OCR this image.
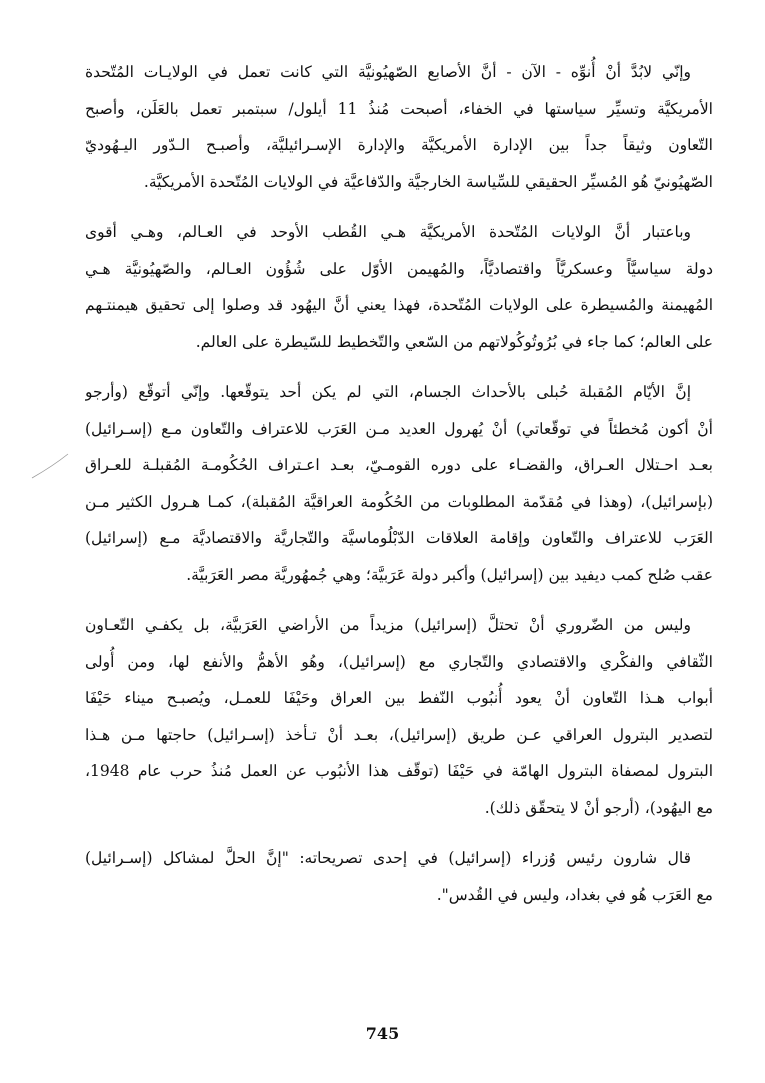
وإنّي لابُدَّ أنْ أُنوِّه - الآن - أنَّ الأصابع الصّهيُونيَّة التي كانت تعمل في الولايـات المُتّحدة
الأمريكيَّة وتسيِّر سياستها في الخفاء، أصبحت مُنذُ 11 أيلول/ سبتمبر تعمل بالعَلَن، وأصبح
التّعاون وثيقاً جداً بين الإدارة الأمريكيَّة والإدارة الإسـرائيليَّة، وأصبـح الـدّور اليـهُوديّ
الصّهيُونيّ هُو المُسيِّر الحقيقي للسِّياسة الخارجيَّة والدّفاعيَّة في الولايات المُتّحدة الأمريكيَّة.
وباعتبار أنَّ الولايات المُتّحدة الأمريكيَّة هـي القُطب الأوحد في العـالم، وهـي أقوى
دولة سياسيَّاً وعسكريَّاً واقتصاديَّاً، والمُهيمن الأوّل على شُؤُون العـالم، والصّهيُونيَّة هـي
المُهيمنة والمُسيطرة على الولايات المُتّحدة، فهذا يعني أنَّ اليهُود قد وصلوا إلى تحقيق هيمنتـهم
على العالم؛ كما جاء في بُرُوتُوكُولاتهم من السّعي والتّخطيط للسّيطرة على العالم.
إنَّ الأيّام المُقبلة حُبلى بالأحداث الجسام، التي لم يكن أحد يتوقّعها. وإنّي أتوقّع (وأرجو
أنْ أكون مُخطئاً في توقّعاتي) أنْ يُهرول العديد مـن العَرَب للاعتراف والتّعاون مـع (إسـرائيل)
بعـد احـتلال العـراق، والقضـاء على دوره القومـيّ، بعـد اعـتراف الحُكُومـة المُقبلـة للعـراق
(بإسرائيل)، (وهذا في مُقدّمة المطلوبات من الحُكُومة العراقيَّة المُقبلة)، كمـا هـرول الكثير مـن
العَرَب للاعتراف والتّعاون وإقامة العلاقات الدّبْلُوماسيَّة والتّجاريَّة والاقتصاديَّة مـع (إسرائيل)
عقب صُلح كمب ديفيد بين (إسرائيل) وأكبر دولة عَرَبيَّة؛ وهي جُمهُوريَّة مصر العَرَبيَّة.
وليس من الضّروري أنْ تحتلَّ (إسرائيل) مزيداً من الأراضي العَرَبيَّة، بل يكفـي التّعـاون
الثّقافي والفكْري والاقتصادي والتّجاري مع (إسرائيل)، وهُو الأهمُّ والأنفع لها، ومن أُولى
أبواب هـذا التّعاون أنْ يعود أُنبُوب النّفط بين العراق وحَيْفَا للعمـل، ويُصبـح ميناء حَيْفَا
لتصدير البترول العراقي عـن طريق (إسرائيل)، بعـد أنْ تـأخذ (إسـرائيل) حاجتها مـن هـذا
البترول لمصفاة البترول الهامّة في حَيْفَا (توقّف هذا الأنبُوب عن العمل مُنذُ حرب عام 1948،
مع اليهُود)، (أرجو أنْ لا يتحقّق ذلك).
قال شارون رئيس وُزراء (إسرائيل) في إحدى تصريحاته: "إنَّ الحلَّ لمشاكل (إسـرائيل)
مع العَرَب هُو في بغداد، وليس في القُدس".
745
